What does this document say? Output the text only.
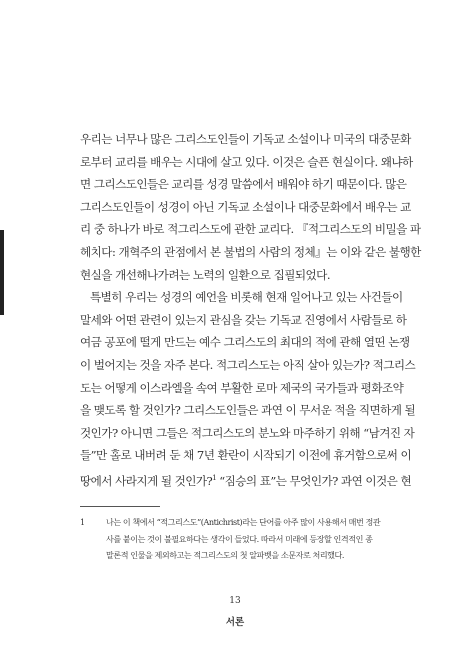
우리는 너무나 많은 그리스도인들이 기독교 소설이나 미국의 대중문화
로부터 교리를 배우는 시대에 살고 있다. 이것은 슬픈 현실이다. 왜냐하
면 그리스도인들은 교리를 성경 말씀에서 배워야 하기 때문이다. 많은
그리스도인들이 성경이 아닌 기독교 소설이나 대중문화에서 배우는 교
리 중 하나가 바로 적그리스도에 관한 교리다. 『적그리스도의 비밀을 파
헤치다: 개혁주의 관점에서 본 불법의 사람의 정체』는 이와 같은 불행한
현실을 개선해나가려는 노력의 일환으로 집필되었다.
특별히 우리는 성경의 예언을 비롯해 현재 일어나고 있는 사건들이
말세와 어떤 관련이 있는지 관심을 갖는 기독교 진영에서 사람들로 하
여금 공포에 떨게 만드는 예수 그리스도의 최대의 적에 관해 열띤 논쟁
이 벌어지는 것을 자주 본다. 적그리스도는 아직 살아 있는가? 적그리스
도는 어떻게 이스라엘을 속여 부활한 로마 제국의 국가들과 평화조약
을 맺도록 할 것인가? 그리스도인들은 과연 이 무서운 적을 직면하게 될
것인가? 아니면 그들은 적그리스도의 분노와 마주하기 위해 “남겨진 자
들”만 홀로 내버려 둔 채 7년 환란이 시작되기 이전에 휴거함으로써 이
땅에서 사라지게 될 것인가?$^1$ “짐승의 표”는 무엇인가? 과연 이것은 현
1	나는 이 책에서 “적그리스도”(Antichrist)라는 단어를 아주 많이 사용해서 매번 정관
사를 붙이는 것이 불필요하다는 생각이 들었다. 따라서 미래에 등장할 인격적인 종
말론적 인물을 제외하고는 적그리스도의 첫 알파벳을 소문자로 처리했다.
13
서론
